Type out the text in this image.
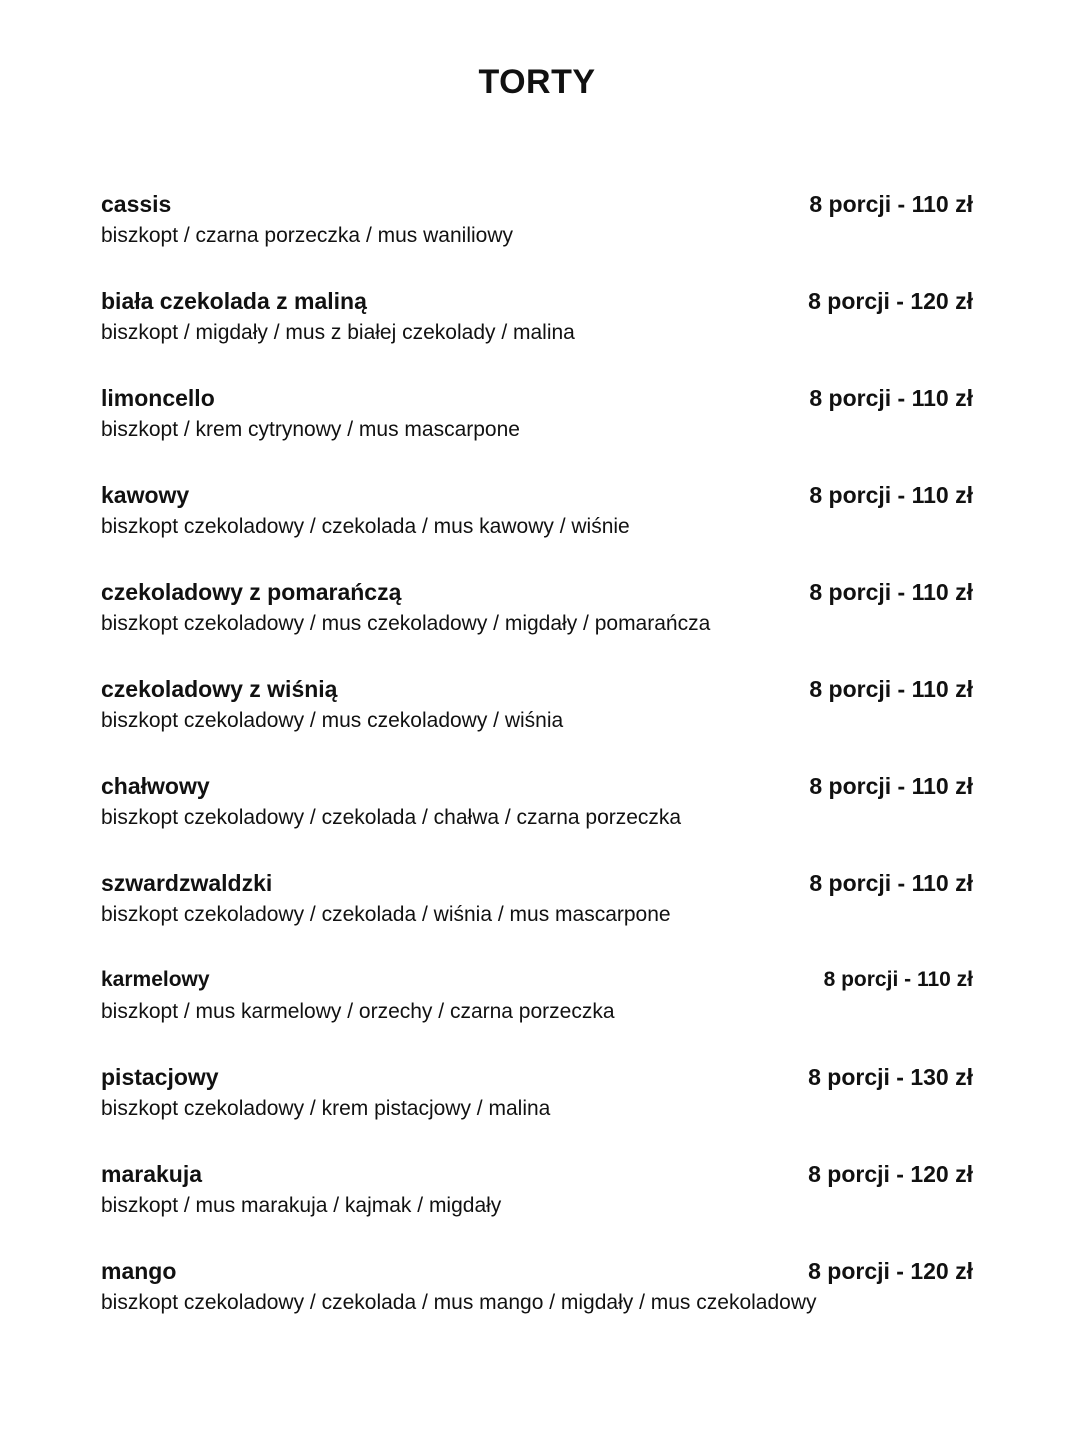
TORTY
cassis	8 porcji - 110 zł
biszkopt / czarna porzeczka / mus waniliowy
biała czekolada z maliną	8 porcji - 120 zł
biszkopt / migdały / mus z białej czekolady / malina
limoncello	8 porcji - 110 zł
biszkopt / krem cytrynowy / mus mascarpone
kawowy	8 porcji - 110 zł
biszkopt czekoladowy / czekolada / mus kawowy / wiśnie
czekoladowy z pomarańczą	8 porcji - 110 zł
biszkopt czekoladowy / mus czekoladowy / migdały / pomarańcza
czekoladowy z wiśnią	8 porcji - 110 zł
biszkopt czekoladowy / mus czekoladowy / wiśnia
chałwowy	8 porcji - 110 zł
biszkopt czekoladowy / czekolada / chałwa / czarna porzeczka
szwardzwaldzki	8 porcji - 110 zł
biszkopt czekoladowy / czekolada / wiśnia / mus mascarpone
karmelowy	8 porcji - 110 zł
biszkopt / mus karmelowy / orzechy / czarna porzeczka
pistacjowy	8 porcji - 130 zł
biszkopt czekoladowy / krem pistacjowy / malina
marakuja	8 porcji - 120 zł
biszkopt / mus marakuja / kajmak / migdały
mango	8 porcji - 120 zł
biszkopt czekoladowy / czekolada / mus mango / migdały / mus czekoladowy
